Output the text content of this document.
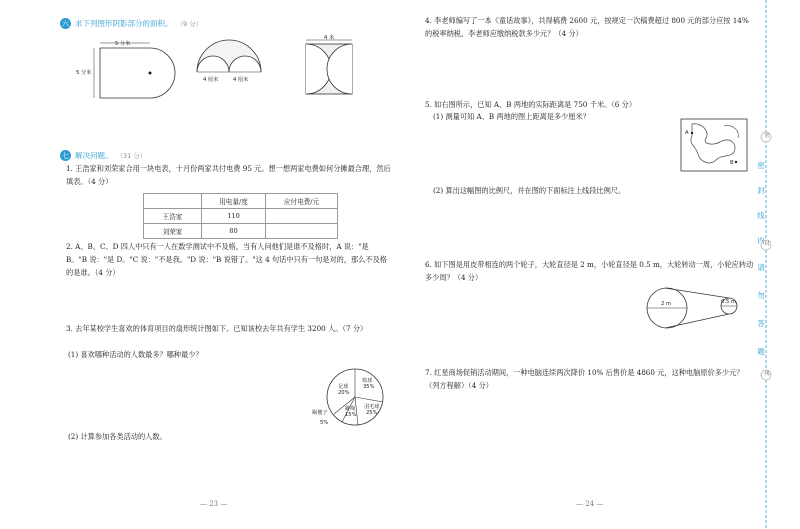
六 求下列图形阴影部分的面积。 （9 分）
5 分米
5 分米
4 厘米	4 厘米
4 米
七 解决问题。 （31 分）
1. 王浩家和刘荣家合用一块电表，十月份两家共付电费 95 元。想一想两家电费如何分摊最合理，然后填表。（4 分）
	用电量/度	应付电费/元
王浩家	110	
刘荣家	80	
2. A、B、C、D 四人中只有一人在数学测试中不及格，当有人问他们是谁不及格时，A 说："是 B。"B 说："是 D。"C 说："不是我。"D 说："B 说错了。"这 4 句话中只有一句是对的，那么不及格的是谁。（4 分）
3. 去年某校学生喜欢的体育项目的扇形统计图如下。已知该校去年共有学生 3200 人。（7 分）
(1) 喜欢哪种活动的人数最多？哪种最少？
篮球
35%
羽毛球
25%
跳绳
15%
踢毽子
5%
足球
20%
(2) 计算参加各类活动的人数。
— 23 —
4. 李老师编写了一本《童话故事》，共得稿费 2600 元，按规定一次稿费超过 800 元的部分应按 14% 的税率纳税，李老师应缴纳税款多少元？（4 分）
5. 如右图所示，已知 A、B 两地的实际距离是 750 千米。（6 分）
(1) 测量可知 A、B 两地的图上距离是多少厘米？
A
B
(2) 算出这幅图的比例尺，并在图的下面标注上线段比例尺。
6. 如下图是用皮带相连的两个轮子，大轮直径是 2 m，小轮直径是 0.5 m，大轮转动一周，小轮应转动多少周？（4 分）
2 m	0.5 m
7. 红星商场促销活动期间，一种电脑连续两次降价 10% 后售价是 4860 元，这种电脑原价多少元？（列方程解）（4 分）
— 24 —
密
封
线
密
封
线
内
请
勿
答
题
